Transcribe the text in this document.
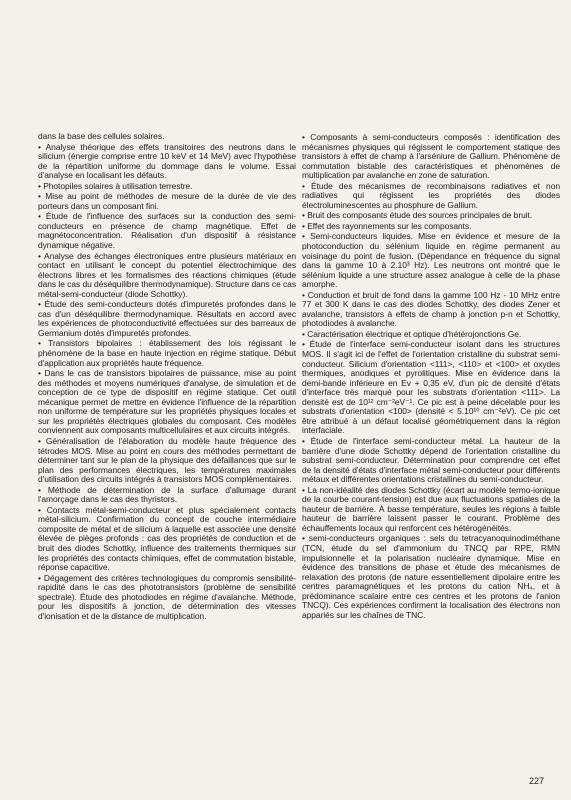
dans la base des cellules solaires.

• Analyse théorique des effets transitoires des neutrons dans le silicium (énergie comprise entre 10 keV et 14 MeV) avec l'hypothèse de la répartition uniforme du dommage dans le volume. Essai d'analyse en localisant les défauts.

• Photopiles solaires à utilisation terrestre.

• Mise au point de méthodes de mesure de la durée de vie des porteurs dans un composant fini.

• Étude de l'influence des surfaces sur la conduction des semi-conducteurs en présence de champ magnétique. Effet de magnétoconcentration. Réalisation d'un dispositif à résistance dynamique négative.

• Analyse des échanges électroniques entre plusieurs matériaux en contact en utilisant le concept du potentiel électrochimique des électrons libres et les formalismes des réactions chimiques (étude dans le cas du déséquilibre thermodynamique). Structure dans ce cas métal-semi-conducteur (diode Schottky).

• Étude des semi-conducteurs dotés d'impuretés profondes dans le cas d'un déséquilibre thermodynamique. Résultats en accord avec les expériences de photoconductivité effectuées sur des barreaux de Germanium dotés d'impuretés profondes.

• Transistors bipolaires : établissement des lois régissant le phénomène de la base en haute injection en régime statique. Début d'application aux propriétés haute fréquence.

• Dans le cas de transistors bipolaires de puissance, mise au point des méthodes et moyens numériques d'analyse, de simulation et de conception de ce type de dispositif en régime statique. Cet outil mécanique permet de mettre en évidence l'influence de la répartition non uniforme de température sur les propriétés physiques locales et sur les propriétés électriques globales du composant. Ces modèles conviennent aux composants multicellulaires et aux circuits intégrés.

• Généralisation de l'élaboration du modèle haute fréquence des tétrodes MOS. Mise au point en cours des méthodes permettant de déterminer tant sur le plan de la physique des défaillances que sur le plan des performances électriques, les températures maximales d'utilisation des circuits intégrés à transistors MOS complémentaires.

• Méthode de détermination de la surface d'allumage durant l'amorçage dans le cas des thyristors.

• Contacts métal-semi-conducteur et plus spécialement contacts métal-silicium. Confirmation du concept de couche intermédiaire composite de métal et de silicium à laquelle est associée une densité élevée de pièges profonds : cas des propriétés de conduction et de bruit des diodes Schottky, influence des traitements thermiques sur les propriétés des contacts chimiques, effet de commutation bistable, réponse capacitive.

• Dégagement des critères technologiques du compromis sensibilité-rapidité dans le cas des phototransistors (problème de sensibilité spectrale). Étude des photodiodes en régime d'avalanche. Méthode, pour les dispositifs à jonction, de détermination des vitesses d'ionisation et de la distance de multiplication.

• Composants à semi-conducteurs composés : identification des mécanismes physiques qui régissent le comportement statique des transistors à effet de champ à l'arséniure de Gallium. Phénomène de commutation bistable des caractéristiques et phénomènes de multiplication par avalanche en zone de saturation.

• Étude des mécanismes de recombinaisons radiatives et non radiatives qui régissent les propriétés des diodes électroluminescentes au phosphure de Gallium.

• Bruit des composants étude des sources principales de bruit.

• Effet des rayonnements sur les composants.

• Semi-conducteurs liquides. Mise en évidence et mesure de la photoconduction du sélénium liquide en régime permanent au voisinage du point de fusion. (Dépendance en fréquence du signal dans la gamme 10 à 2.10³ Hz). Les neutrons ont montré que le sélénium liquide a une structure assez analogue à celle de la phase amorphe.

• Conduction et bruit de fond dans la gamme 100 Hz - 10 MHz entre 77 et 300 K dans le cas des diodes Schottky, des diodes Zener et avalanche, transistors à effets de champ à jonction p-n et Schottky, photodiodes à avalanche.

• Caractérisation électrique et optique d'hétérojonctions Ge.

• Étude de l'interface semi-conducteur isolant dans les structures MOS. Il s'agit ici de l'effet de l'orientation cristalline du substrat semi-conducteur. Silicium d'orientation <111>, <110> et <100> et oxydes thermiques, anodiques et pyrolitiques. Mise en évidence dans la demi-bande inférieure en Ev + 0,35 eV, d'un pic de densité d'états d'interface très marqué pour les substrats d'orientation <111>. La densité est de 10¹² cm⁻²eV⁻¹. Ce pic est à peine décelable pour les substrats d'orientation <100> (densité < 5.10¹⁰ cm⁻²eV). Ce pic cet être attribué à un défaut localisé géométriquement dans la région interfaciale.

• Étude de l'interface semi-conducteur métal. La hauteur de la barrière d'une diode Schottky dépend de l'orientation cristalline du substrat semi-conducteur. Détermination pour comprendre cet effet de la densité d'états d'interface métal semi-conducteur pour différents métaux et différentes orientations cristallines du semi-conducteur.

• La non-idéalité des diodes Schottky (écart au modèle termo-ionique de la courbe courant-tension) est due aux fluctuations spatiales de la hauteur de barrière. À basse température, seules les régions à faible hauteur de barrière laissent passer le courant. Problème des échauffements locaux qui renforcent ces hétérogénéités.

• semi-conducteurs organiques : sels du tetracyanoquinodiméthane (TCN, étude du sel d'ammonium du TNCQ par RPE, RMN impulsionnelle et la polarisation nucléaire dynamique. Mise en évidence des transitions de phase et étude des mécanismes de relaxation des protons (de nature essentiellement dipolaire entre les centres paramagnétiques et les protons du cation NH₄, et à prédominance scalaire entre ces centres et les protons de l'anion TNCQ). Ces expériences confirment la localisation des électrons non appariés sur les chaînes de TNC.

227
